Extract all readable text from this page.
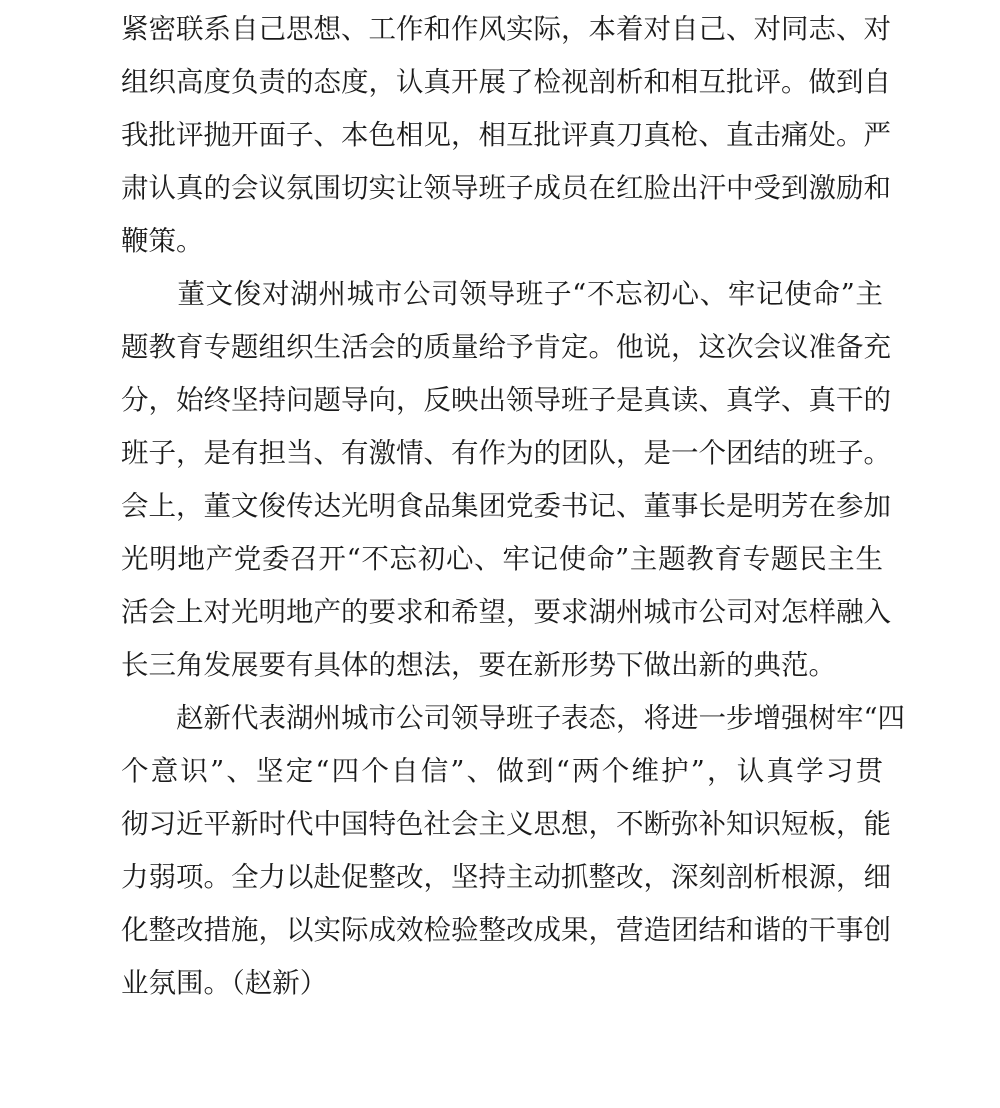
紧密联系自己思想、工作和作风实际，本着对自己、对同志、对
组织高度负责的态度，认真开展了检视剖析和相互批评。做到自
我批评抛开面子、本色相见，相互批评真刀真枪、直击痛处。严
肃认真的会议氛围切实让领导班子成员在红脸出汗中受到激励和
鞭策。
　　董文俊对湖州城市公司领导班子“不忘初心、牢记使命”主
题教育专题组织生活会的质量给予肯定。他说，这次会议准备充
分，始终坚持问题导向，反映出领导班子是真读、真学、真干的
班子，是有担当、有激情、有作为的团队，是一个团结的班子。
会上，董文俊传达光明食品集团党委书记、董事长是明芳在参加
光明地产党委召开“不忘初心、牢记使命”主题教育专题民主生
活会上对光明地产的要求和希望，要求湖州城市公司对怎样融入
长三角发展要有具体的想法，要在新形势下做出新的典范。
　　赵新代表湖州城市公司领导班子表态，将进一步增强树牢“四
个意识”、坚定“四个自信”、做到“两个维护”，认真学习贯
彻习近平新时代中国特色社会主义思想，不断弥补知识短板，能
力弱项。全力以赴促整改，坚持主动抓整改，深刻剖析根源，细
化整改措施，以实际成效检验整改成果，营造团结和谐的干事创
业氛围。（赵新）
